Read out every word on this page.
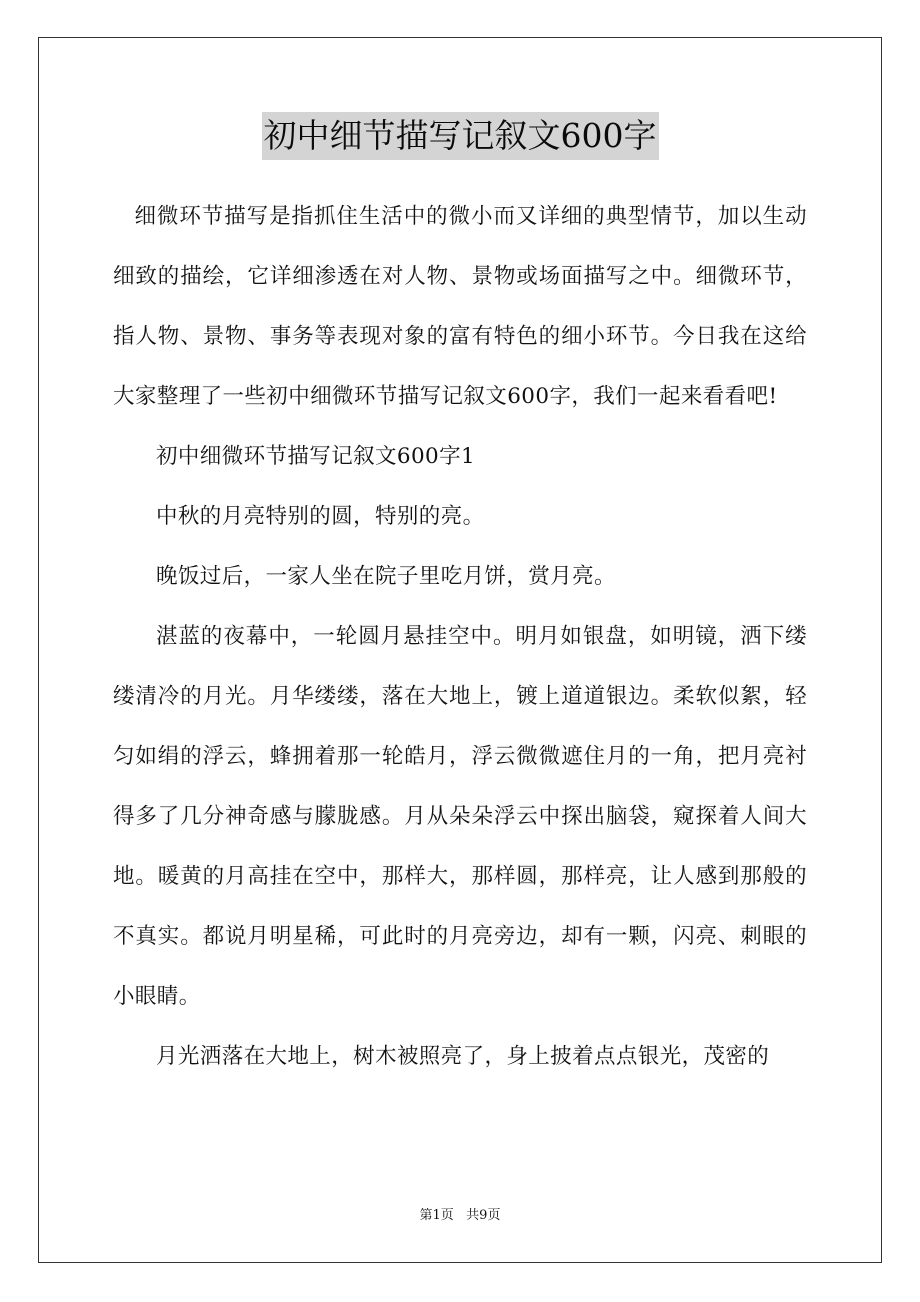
初中细节描写记叙文600字

细微环节描写是指抓住生活中的微小而又详细的典型情节，加以生动细致的描绘，它详细渗透在对人物、景物或场面描写之中。细微环节，指人物、景物、事务等表现对象的富有特色的细小环节。今日我在这给大家整理了一些初中细微环节描写记叙文600字，我们一起来看看吧!

初中细微环节描写记叙文600字1

中秋的月亮特别的圆，特别的亮。

晚饭过后，一家人坐在院子里吃月饼，赏月亮。

湛蓝的夜幕中，一轮圆月悬挂空中。明月如银盘，如明镜，洒下缕缕清冷的月光。月华缕缕，落在大地上，镀上道道银边。柔软似絮，轻匀如绢的浮云，蜂拥着那一轮皓月，浮云微微遮住月的一角，把月亮衬得多了几分神奇感与朦胧感。月从朵朵浮云中探出脑袋，窥探着人间大地。暖黄的月高挂在空中，那样大，那样圆，那样亮，让人感到那般的不真实。都说月明星稀，可此时的月亮旁边，却有一颗，闪亮、刺眼的小眼睛。

月光洒落在大地上，树木被照亮了，身上披着点点银光，茂密的

第1页   共9页
